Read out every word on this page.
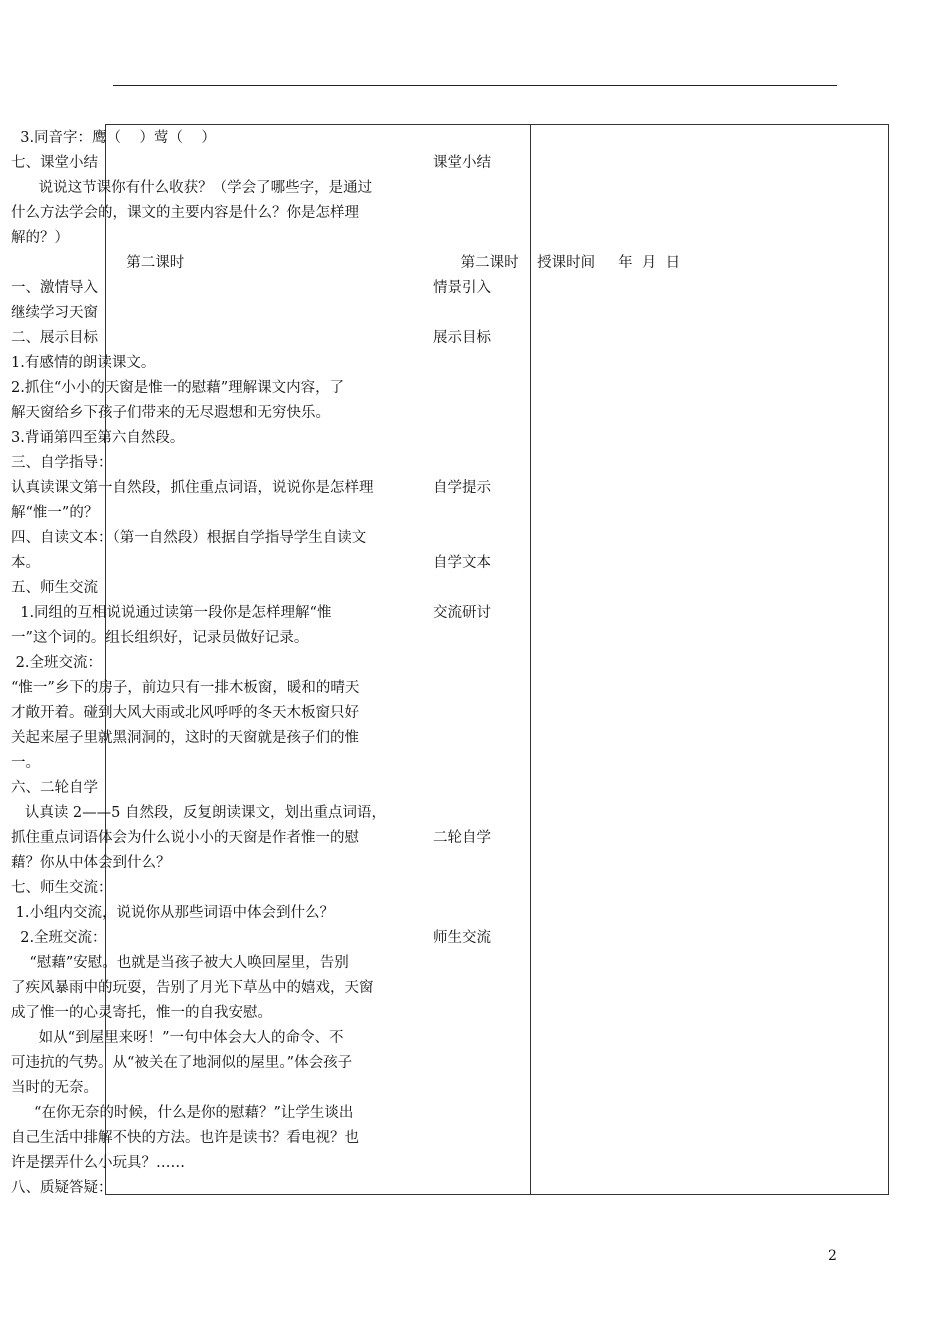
3.同音字：鹰（    ）莺（    ）
七、课堂小结
说说这节课你有什么收获？（学会了哪些字，是通过
什么方法学会的，课文的主要内容是什么？你是怎样理
解的？）
第二课时
一、激情导入
继续学习天窗
二、展示目标
1.有感情的朗读课文。
2.抓住“小小的天窗是惟一的慰藉”理解课文内容，了
解天窗给乡下孩子们带来的无尽遐想和无穷快乐。
3.背诵第四至第六自然段。
三、自学指导：
认真读课文第一自然段，抓住重点词语，说说你是怎样理
解“惟一”的？
四、自读文本：（第一自然段）根据自学指导学生自读文
本。
五、师生交流
1.同组的互相说说通过读第一段你是怎样理解“惟
一”这个词的。组长组织好，记录员做好记录。
2.全班交流：
“惟一”乡下的房子，前边只有一排木板窗，暖和的晴天
才敞开着。碰到大风大雨或北风呼呼的冬天木板窗只好
关起来屋子里就黑洞洞的，这时的天窗就是孩子们的惟
一。
六、二轮自学
认真读 2——5 自然段，反复朗读课文，划出重点词语，
抓住重点词语体会为什么说小小的天窗是作者惟一的慰
藉？你从中体会到什么？
七、师生交流：
1.小组内交流，说说你从那些词语中体会到什么？
2.全班交流：
“慰藉”安慰。也就是当孩子被大人唤回屋里，告别
了疾风暴雨中的玩耍，告别了月光下草丛中的嬉戏，天窗
成了惟一的心灵寄托，惟一的自我安慰。
如从“到屋里来呀！”一句中体会大人的命令、不
可违抗的气势。从“被关在了地洞似的屋里。”体会孩子
当时的无奈。
“在你无奈的时候，什么是你的慰藉？”让学生谈出
自己生活中排解不快的方法。也许是读书？看电视？也
许是摆弄什么小玩具？……
八、质疑答疑：
课堂小结
第二课时    授课时间     年  月  日
情景引入
展示目标
自学提示
自学文本
交流研讨
二轮自学
师生交流
2
